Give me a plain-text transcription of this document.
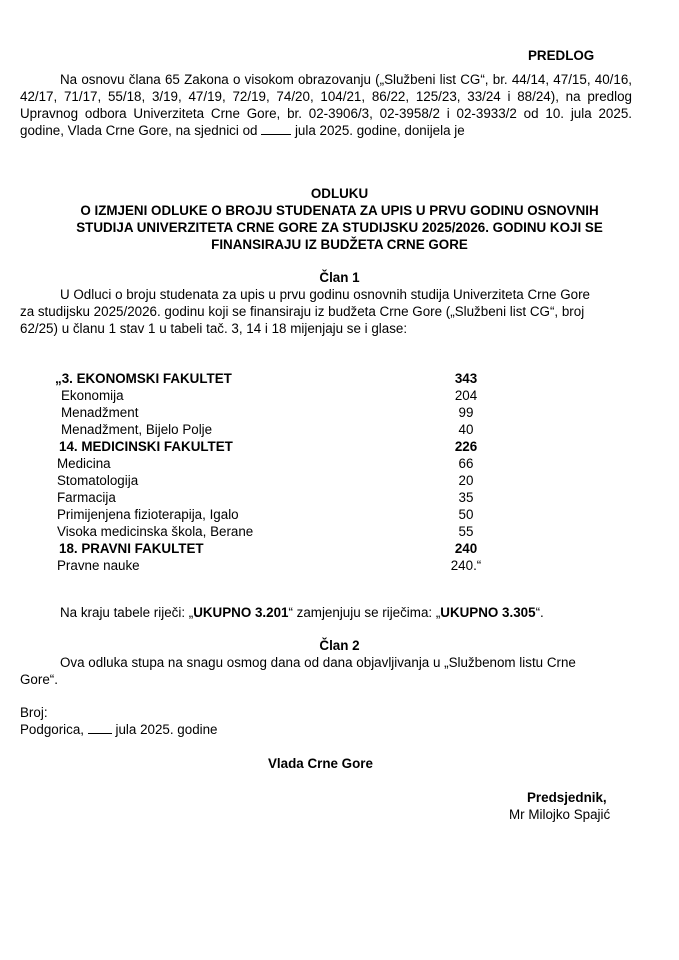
PREDLOG
Na osnovu člana 65 Zakona o visokom obrazovanju („Službeni list CG“, br. 44/14, 47/15, 40/16, 42/17, 71/17, 55/18, 3/19, 47/19, 72/19, 74/20, 104/21, 86/22, 125/23, 33/24 i 88/24), na predlog Upravnog odbora Univerziteta Crne Gore, br. 02-3906/3, 02-3958/2 i 02-3933/2 od 10. jula 2025. godine, Vlada Crne Gore, na sjednici od	jula 2025. godine, donijela je
ODLUKU
O IZMJENI ODLUKE O BROJU STUDENATA ZA UPIS U PRVU GODINU OSNOVNIH
STUDIJA UNIVERZITETA CRNE GORE ZA STUDIJSKU 2025/2026. GODINU KOJI SE
FINANSIRAJU IZ BUDŽETA CRNE GORE
Član 1
U Odluci o broju studenata za upis u prvu godinu osnovnih studija Univerziteta Crne Gore
za studijsku 2025/2026. godinu koji se finansiraju iz budžeta Crne Gore („Službeni list CG“, broj
62/25) u članu 1 stav 1 u tabeli tač. 3, 14 i 18 mijenjaju se i glase:
„3. EKONOMSKI FAKULTET	343
Ekonomija	204
Menadžment	99
Menadžment, Bijelo Polje	40
14. MEDICINSKI FAKULTET	226
Medicina	66
Stomatologija	20
Farmacija	35
Primijenjena fizioterapija, Igalo	50
Visoka medicinska škola, Berane	55
18. PRAVNI FAKULTET	240
Pravne nauke	240.“
Na kraju tabele riječi: „UKUPNO 3.201“ zamjenjuju se riječima: „UKUPNO 3.305“.
Član 2
Ova odluka stupa na snagu osmog dana od dana objavljivanja u „Službenom listu Crne
Gore“.
Broj:
Podgorica, jula 2025. godine
Vlada Crne Gore
Predsjednik,
Mr Milojko Spajić
